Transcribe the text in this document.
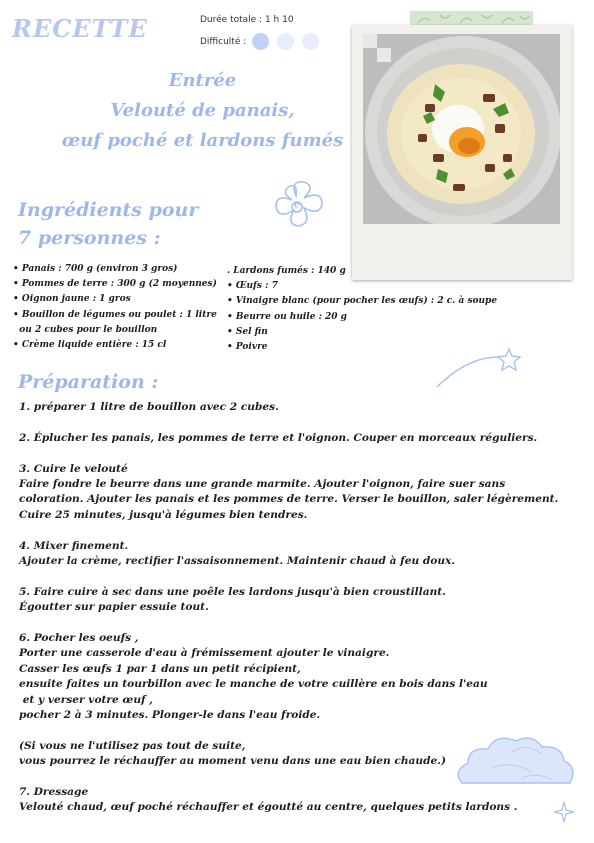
RECETTE	Durée totale : 1 h 10
Difficulté :
Entrée
Velouté de panais,
œuf poché et lardons fumés
Ingrédients pour
7 personnes :
• Panais : 700 g (environ 3 gros)
• Pommes de terre : 300 g (2 moyennes)
• Oignon jaune : 1 gros
• Bouillon de légumes ou poulet : 1 litre
ou 2 cubes pour le bouillon
• Crème liquide entière : 15 cl
. Lardons fumés : 140 g
• Œufs : 7
• Vinaigre blanc (pour pocher les œufs) : 2 c. à soupe
• Beurre ou huile : 20 g
• Sel fin
• Poivre
Préparation :
1. préparer 1 litre de bouillon avec 2 cubes.
2. Éplucher les panais, les pommes de terre et l'oignon. Couper en morceaux réguliers.
3. Cuire le velouté
Faire fondre le beurre dans une grande marmite. Ajouter l'oignon, faire suer sans
coloration. Ajouter les panais et les pommes de terre. Verser le bouillon, saler légèrement.
Cuire 25 minutes, jusqu'à légumes bien tendres.
4. Mixer finement.
Ajouter la crème, rectifier l'assaisonnement. Maintenir chaud à feu doux.
5. Faire cuire à sec dans une poêle les lardons jusqu'à bien croustillant.
Égoutter sur papier essuie tout.
6. Pocher les oeufs ,
Porter une casserole d'eau à frémissement ajouter le vinaigre.
Casser les œufs 1 par 1 dans un petit récipient,
ensuite faites un tourbillon avec le manche de votre cuillère en bois dans l'eau
et y verser votre œuf ,
pocher 2 à 3 minutes. Plonger-le dans l'eau froide.
(Si vous ne l'utilisez pas tout de suite,
vous pourrez le réchauffer au moment venu dans une eau bien chaude.)
7. Dressage
Velouté chaud, œuf poché réchauffer et égoutté au centre, quelques petits lardons .
